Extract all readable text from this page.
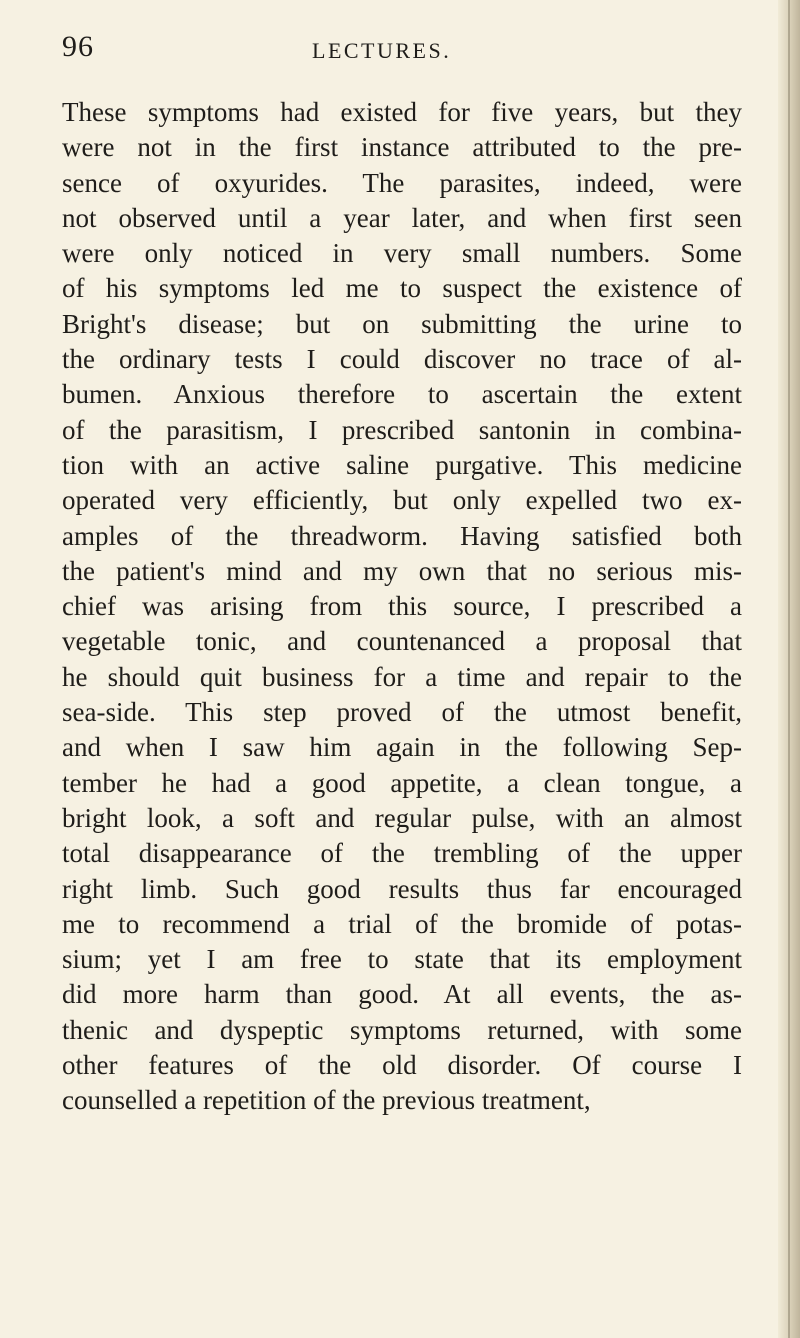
96	LECTURES.
These symptoms had existed for five years, but they
were not in the first instance attributed to the pre-
sence of oxyurides. The parasites, indeed, were
not observed until a year later, and when first seen
were only noticed in very small numbers. Some
of his symptoms led me to suspect the existence of
Bright's disease; but on submitting the urine to
the ordinary tests I could discover no trace of al-
bumen. Anxious therefore to ascertain the extent
of the parasitism, I prescribed santonin in combina-
tion with an active saline purgative. This medicine
operated very efficiently, but only expelled two ex-
amples of the threadworm. Having satisfied both
the patient's mind and my own that no serious mis-
chief was arising from this source, I prescribed a
vegetable tonic, and countenanced a proposal that
he should quit business for a time and repair to the
sea-side. This step proved of the utmost benefit,
and when I saw him again in the following Sep-
tember he had a good appetite, a clean tongue, a
bright look, a soft and regular pulse, with an almost
total disappearance of the trembling of the upper
right limb. Such good results thus far encouraged
me to recommend a trial of the bromide of potas-
sium; yet I am free to state that its employment
did more harm than good. At all events, the as-
thenic and dyspeptic symptoms returned, with some
other features of the old disorder. Of course I
counselled a repetition of the previous treatment,
